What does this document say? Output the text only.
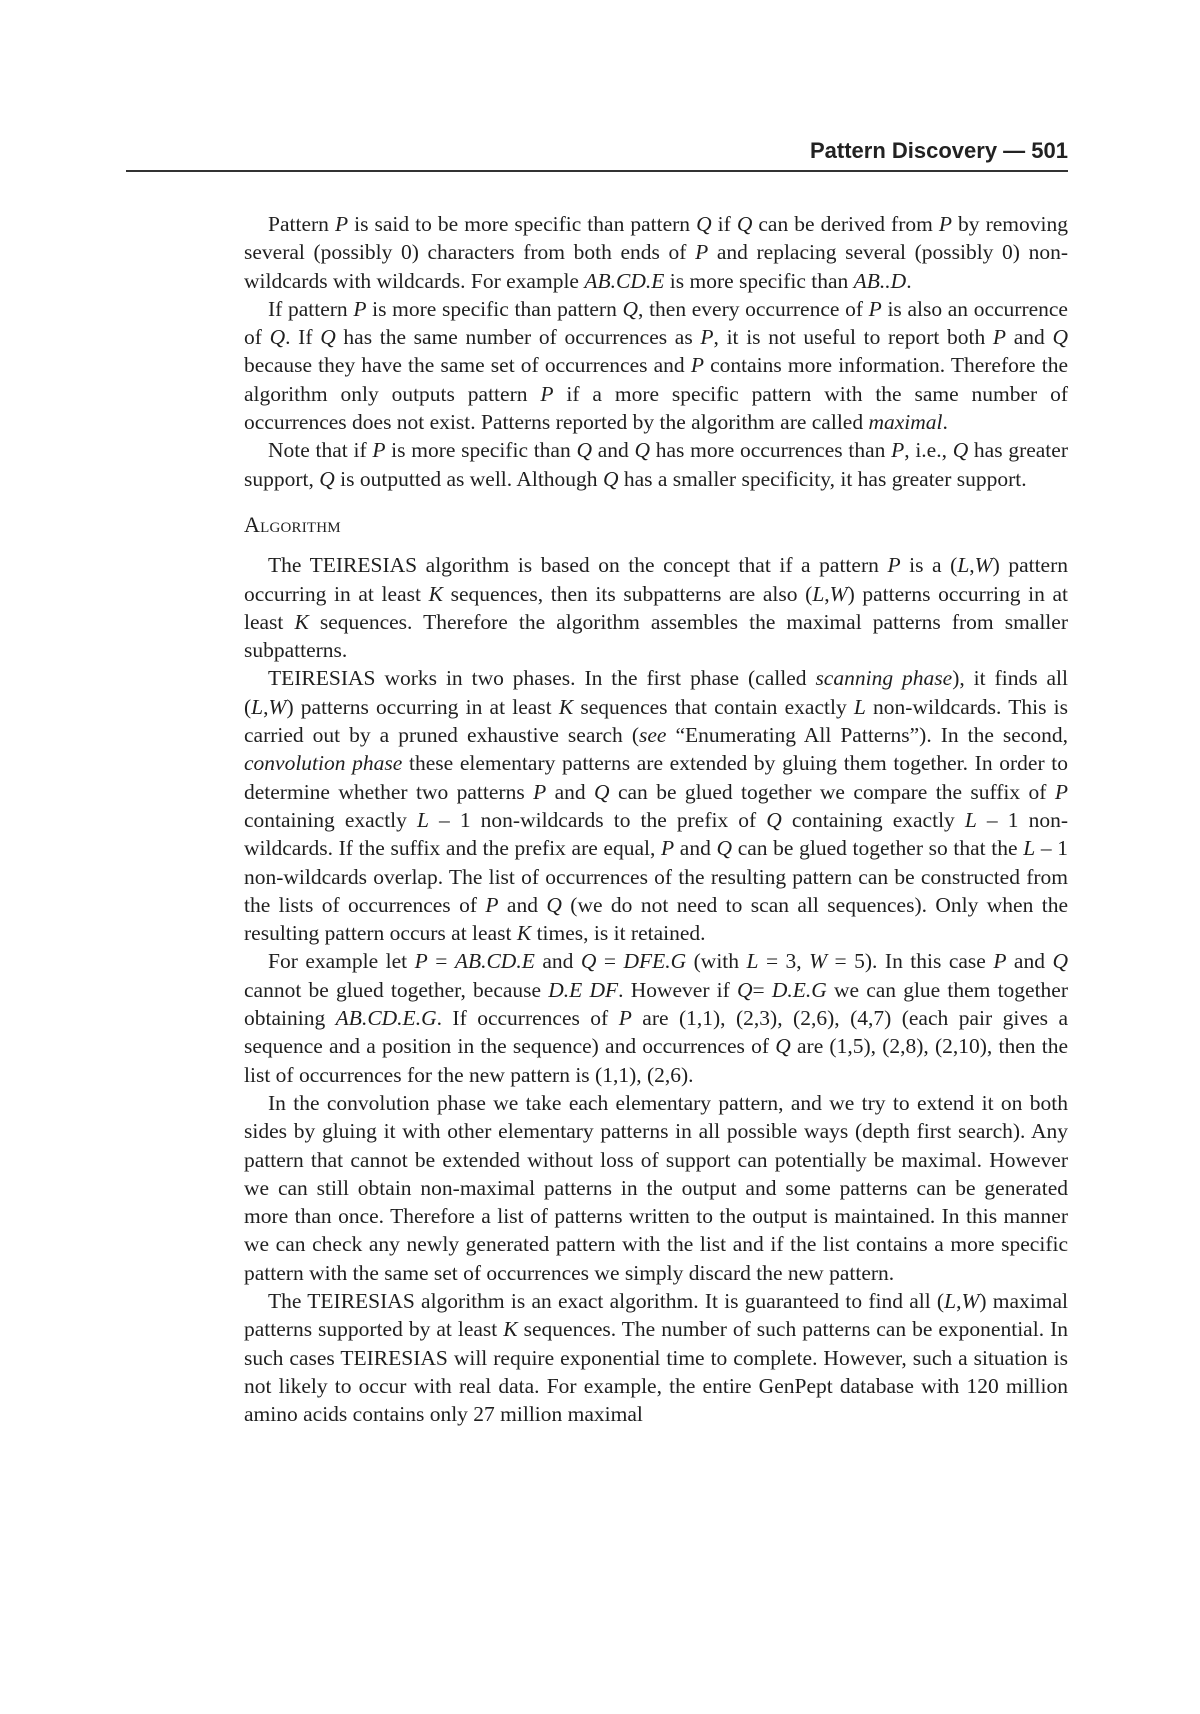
Pattern Discovery — 501

Pattern P is said to be more specific than pattern Q if Q can be derived from P by removing several (possibly 0) characters from both ends of P and replacing several (possibly 0) non-wildcards with wildcards. For example AB.CD.E is more specific than AB..D.

If pattern P is more specific than pattern Q, then every occurrence of P is also an occurrence of Q. If Q has the same number of occurrences as P, it is not useful to report both P and Q because they have the same set of occurrences and P contains more information. Therefore the algorithm only outputs pattern P if a more specific pattern with the same number of occurrences does not exist. Patterns reported by the algorithm are called maximal.

Note that if P is more specific than Q and Q has more occurrences than P, i.e., Q has greater support, Q is outputted as well. Although Q has a smaller specificity, it has greater support.

Algorithm

The TEIRESIAS algorithm is based on the concept that if a pattern P is a (L,W) pattern occurring in at least K sequences, then its subpatterns are also (L,W) patterns occurring in at least K sequences. Therefore the algorithm assembles the maximal patterns from smaller subpatterns.

TEIRESIAS works in two phases. In the first phase (called scanning phase), it finds all (L,W) patterns occurring in at least K sequences that contain exactly L non-wildcards. This is carried out by a pruned exhaustive search (see “Enumerating All Patterns”). In the second, convolution phase these elementary patterns are extended by gluing them together. In order to determine whether two patterns P and Q can be glued together we compare the suffix of P containing exactly L – 1 non-wildcards to the prefix of Q containing exactly L – 1 non-wildcards. If the suffix and the prefix are equal, P and Q can be glued together so that the L – 1 non-wildcards overlap. The list of occurrences of the resulting pattern can be constructed from the lists of occurrences of P and Q (we do not need to scan all sequences). Only when the resulting pattern occurs at least K times, is it retained.

For example let P = AB.CD.E and Q = DFE.G (with L = 3, W = 5). In this case P and Q cannot be glued together, because D.E DF. However if Q= D.E.G we can glue them together obtaining AB.CD.E.G. If occurrences of P are (1,1), (2,3), (2,6), (4,7) (each pair gives a sequence and a position in the sequence) and occurrences of Q are (1,5), (2,8), (2,10), then the list of occurrences for the new pattern is (1,1), (2,6).

In the convolution phase we take each elementary pattern, and we try to extend it on both sides by gluing it with other elementary patterns in all possible ways (depth first search). Any pattern that cannot be extended without loss of support can potentially be maximal. However we can still obtain non-maximal patterns in the output and some patterns can be generated more than once. Therefore a list of patterns written to the output is maintained. In this manner we can check any newly generated pattern with the list and if the list contains a more specific pattern with the same set of occurrences we simply discard the new pattern.

The TEIRESIAS algorithm is an exact algorithm. It is guaranteed to find all (L,W) maximal patterns supported by at least K sequences. The number of such patterns can be exponential. In such cases TEIRESIAS will require exponential time to complete. However, such a situation is not likely to occur with real data. For example, the entire GenPept database with 120 million amino acids contains only 27 million maximal
